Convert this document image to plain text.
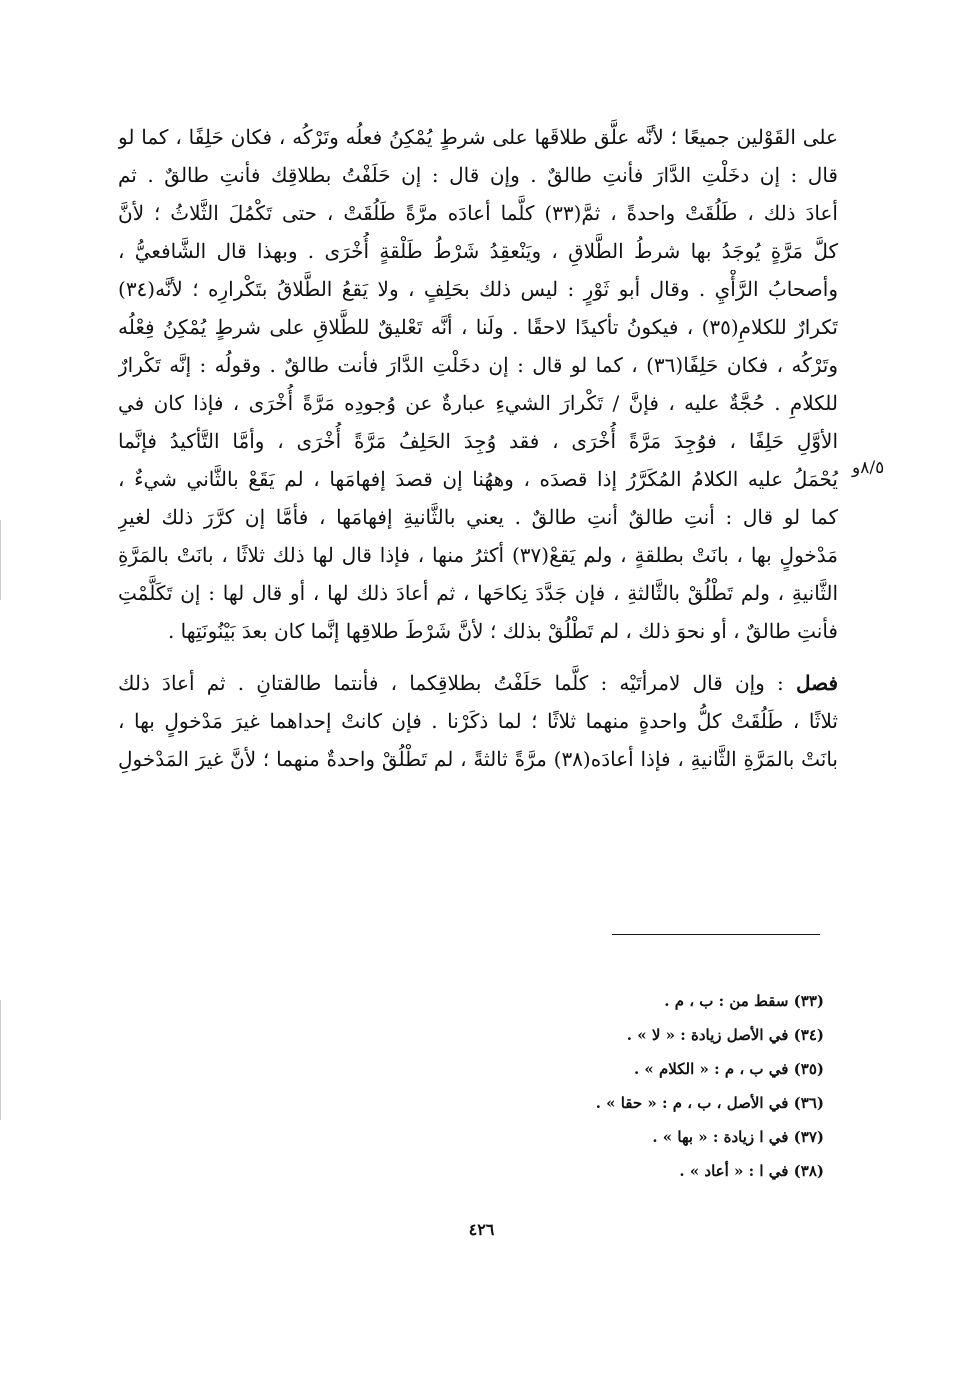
على القَوْلين جميعًا ؛ لأنَّه علَّق طلاقَها على شرطٍ يُمْكِنُ فعلُه وتَرْكُه ، فكان حَلِفًا ، كما لو
قال : إن دخَلْتِ الدَّارَ فأنتِ طالقٌ . وإن قال : إن حَلَفْتُ بطلاقِك فأنتِ طالقٌ . ثم
أعادَ ذلك ، طَلُقَتْ واحدةً ، ثمَّ(٣٣) كلَّما أعادَه مرَّةً طَلُقَتْ ، حتى تَكْمُلَ الثَّلاثُ ؛ لأنَّ
كلَّ مَرَّةٍ يُوجَدُ بها شرطُ الطَّلاقِ ، ويَنْعقِدُ شَرْطُ طَلْقةٍ أُخْرَى . وبهذا قال الشَّافعيُّ ،
وأصحابُ الرَّأْيِ . وقال أبو ثَوْرٍ : ليس ذلك بحَلِفٍ ، ولا يَقعُ الطَّلاقُ بتَكْرارِه ؛ لأنَّه(٣٤)
تَكرارٌ للكلامِ(٣٥) ، فيكونُ تأكيدًا لاحقًا . ولَنا ، أنَّه تَعْليقٌ للطَّلاقِ على شرطٍ يُمْكِنُ فِعْلُه
وتَرْكُه ، فكان حَلِفًا(٣٦) ، كما لو قال : إن دخَلْتِ الدَّارَ فأنت طالقٌ . وقولُه : إنَّه تَكْرارٌ
للكلامِ . حُجَّةٌ عليه ، فإنَّ / تَكْرارَ الشيءِ عبارةٌ عن وُجودِه مَرَّةً أُخْرَى ، فإذا كان في
الأوَّلِ حَلِفًا ، فوُجِدَ مَرَّةً أُخْرَى ، فقد وُجِدَ الحَلِفُ مَرَّةً أُخْرَى ، وأمَّا التَّأكيدُ فإنَّما
يُحْمَلُ عليه الكلامُ المُكَرَّرُ إذا قصدَه ، وههُنا إن قصدَ إفهامَها ، لم يَقَعْ بالثَّاني شيءٌ ،
كما لو قال : أنتِ طالقٌ أنتِ طالقٌ . يعني بالثَّانيةِ إفهامَها ، فأمَّا إن كرَّرَ ذلك لغيرِ
مَدْخولٍ بها ، بانَتْ بطلقةٍ ، ولم يَقعْ(٣٧) أكثرُ منها ، فإذا قال لها ذلك ثلاثًا ، بانَتْ بالمَرَّةِ
الثَّانيةِ ، ولم تَطْلُقْ بالثَّالثةِ ، فإن جَدَّدَ نِكاحَها ، ثم أعادَ ذلك لها ، أو قال لها : إن تَكَلَّمْتِ
فأنتِ طالقٌ ، أو نحوَ ذلك ، لم تَطْلُقْ بذلك ؛ لأنَّ شَرْطَ طلاقِها إنَّما كان بعدَ بَيْنُونَتِها .
فصل : وإن قال لامرأتَيْه : كلَّما حَلَفْتُ بطلاقِكما ، فأنتما طالقتانِ . ثم أعادَ ذلك
ثلاثًا ، طَلُقَتْ كلُّ واحدةٍ منهما ثلاثًا ؛ لما ذكَرْنا . فإن كانتْ إحداهما غيرَ مَدْخولٍ بها ،
بانَتْ بالمَرَّةِ الثَّانيةِ ، فإذا أعادَه(٣٨) مرَّةً ثالثةً ، لم تَطْلُقْ واحدةٌ منهما ؛ لأنَّ غيرَ المَدْخولِ
٨/٥و
(٣٣) سقط من : ب ، م .
(٣٤) في الأصل زيادة : « لا » .
(٣٥) في ب ، م : « الكلام » .
(٣٦) في الأصل ، ب ، م : « حقا » .
(٣٧) في ا زيادة : « بها » .
(٣٨) في ا : « أعاد » .
٤٢٦
